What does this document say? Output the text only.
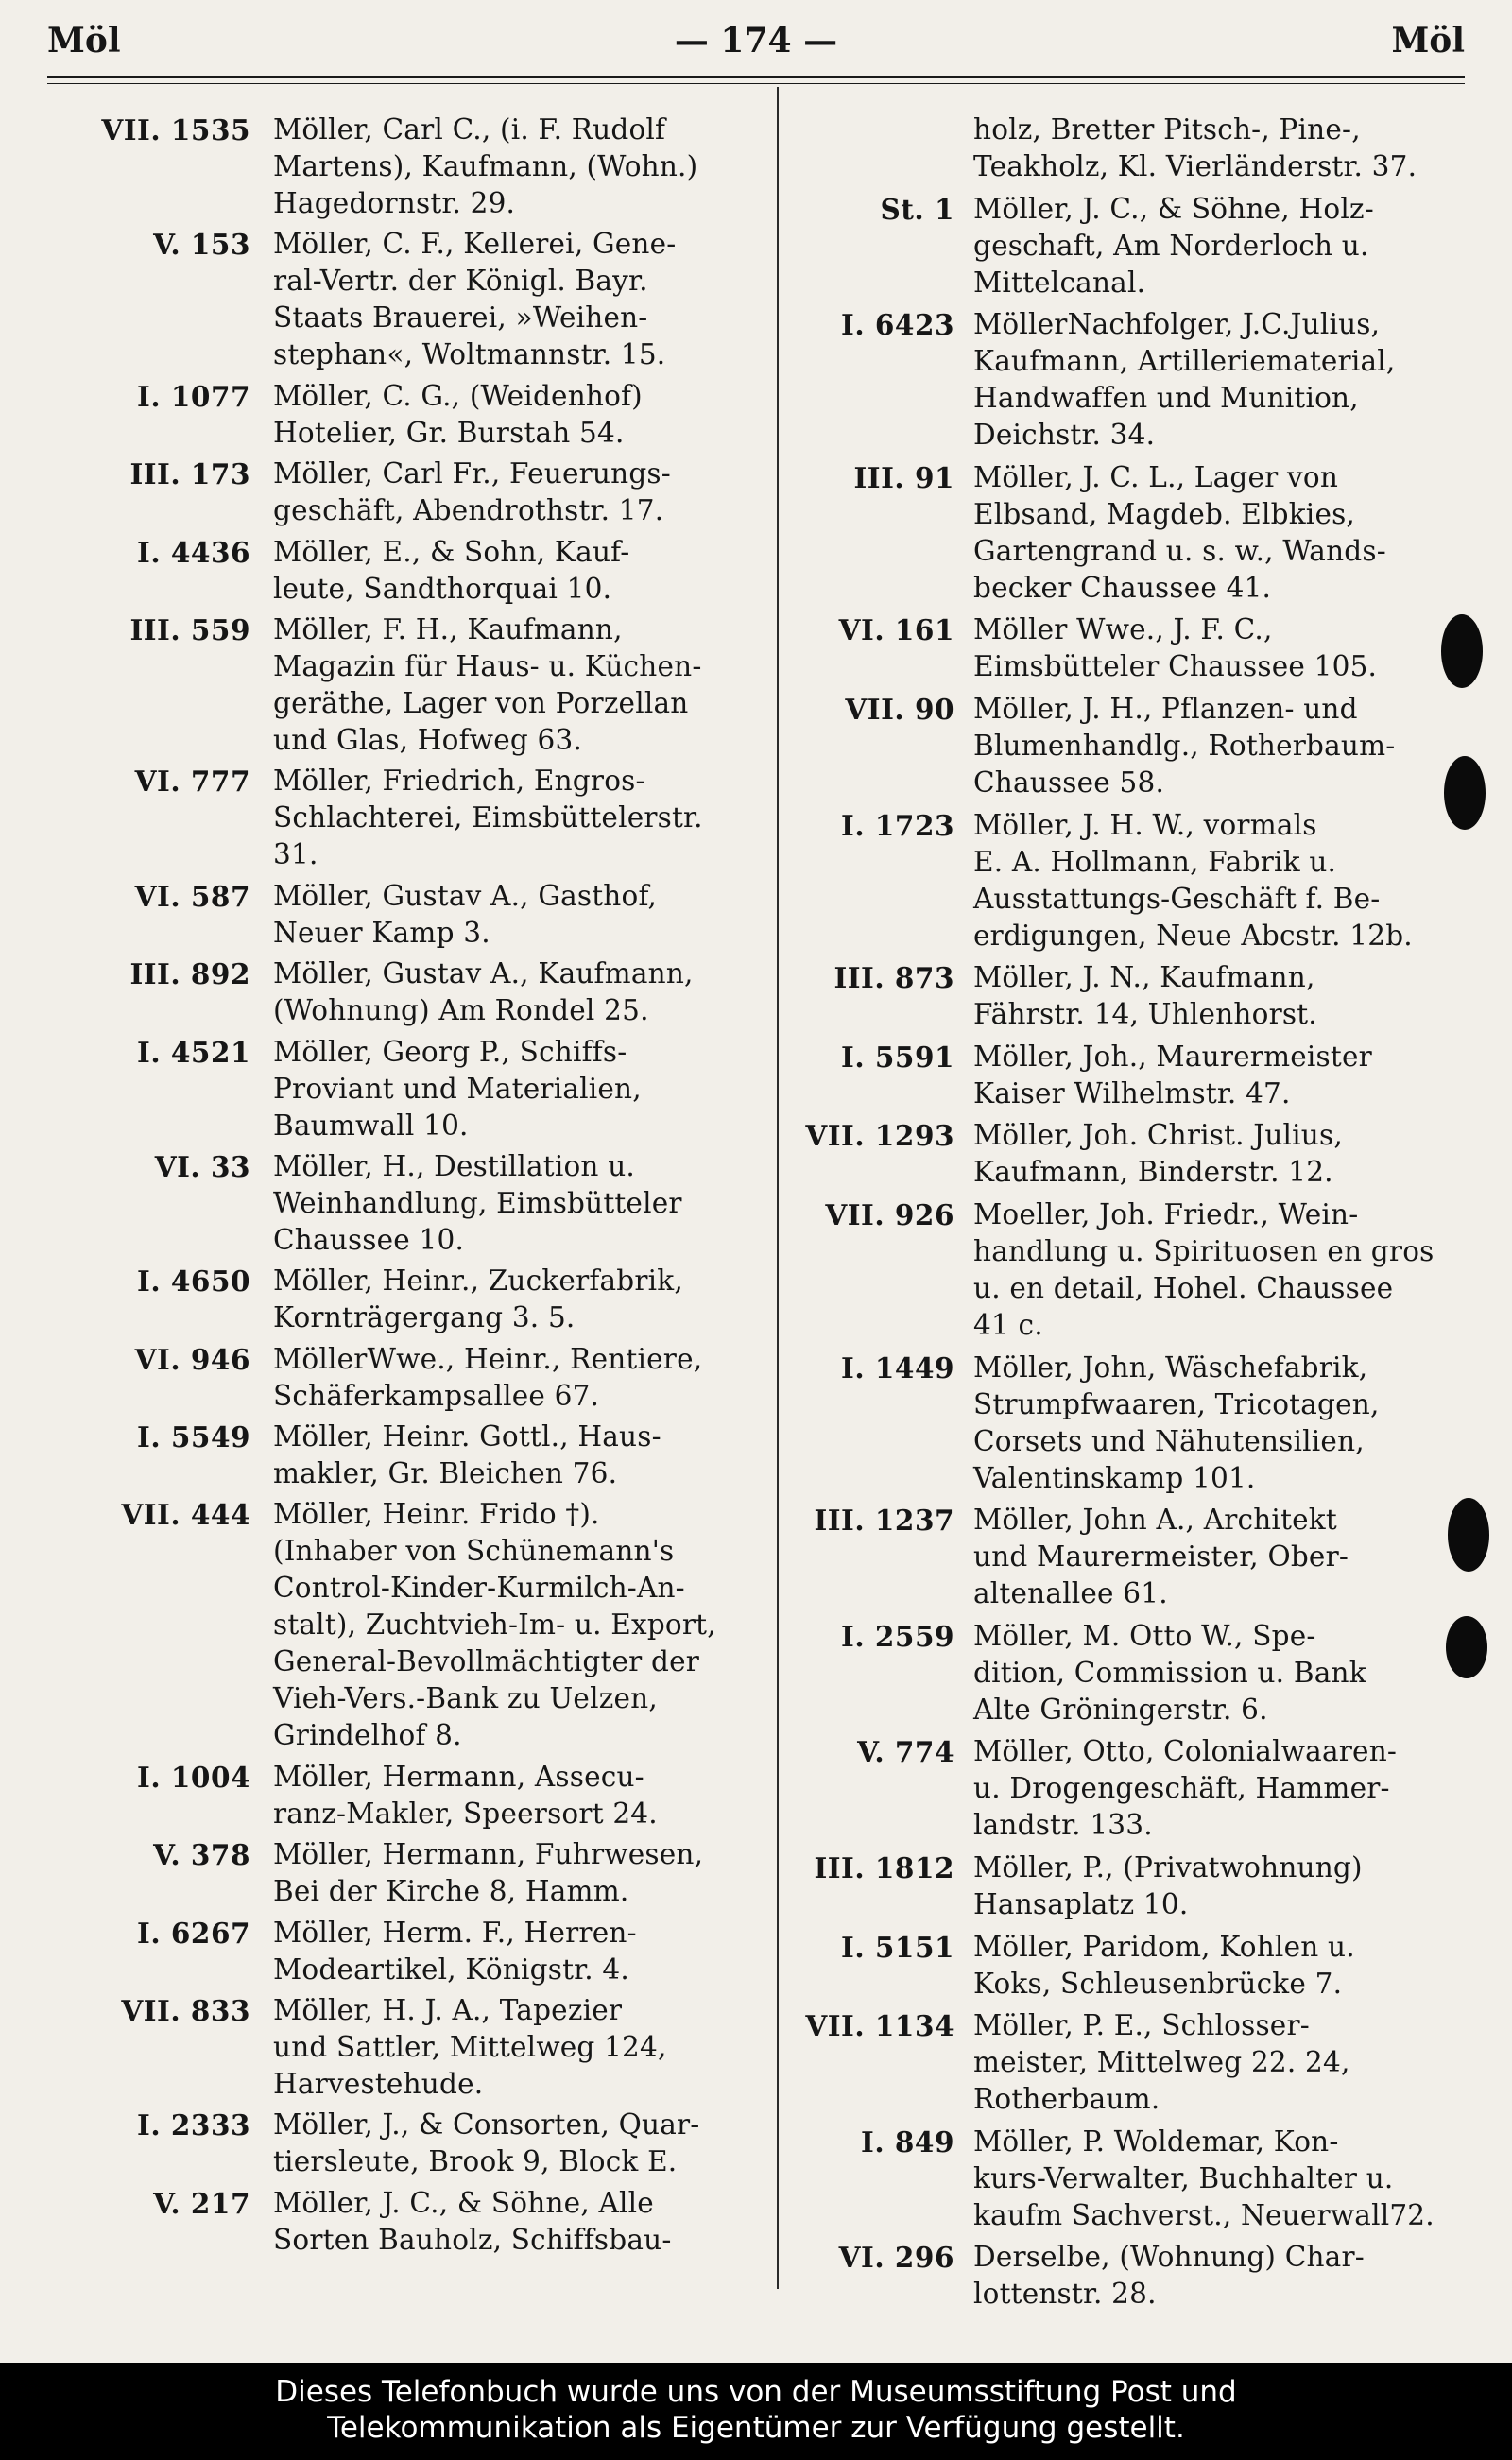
Möl	— 174 —	Möl
VII. 1535 Möller, Carl C., (i. F. Rudolf
Martens), Kaufmann, (Wohn.)
Hagedornstr. 29.
V. 153 Möller, C. F., Kellerei, Gene-
ral-Vertr. der Königl. Bayr.
Staats Brauerei, »Weihen-
stephan«, Woltmannstr. 15.
I. 1077 Möller, C. G., (Weidenhof)
Hotelier, Gr. Burstah 54.
III. 173 Möller, Carl Fr., Feuerungs-
geschäft, Abendrothstr. 17.
I. 4436 Möller, E., & Sohn, Kauf-
leute, Sandthorquai 10.
III. 559 Möller, F. H., Kaufmann,
Magazin für Haus- u. Küchen-
geräthe, Lager von Porzellan
und Glas, Hofweg 63.
VI. 777 Möller, Friedrich, Engros-
Schlachterei, Eimsbüttelerstr.
31.
VI. 587 Möller, Gustav A., Gasthof,
Neuer Kamp 3.
III. 892 Möller, Gustav A., Kaufmann,
(Wohnung) Am Rondel 25.
I. 4521 Möller, Georg P., Schiffs-
Proviant und Materialien,
Baumwall 10.
VI. 33 Möller, H., Destillation u.
Weinhandlung, Eimsbütteler
Chaussee 10.
I. 4650 Möller, Heinr., Zuckerfabrik,
Kornträgergang 3. 5.
VI. 946 MöllerWwe., Heinr., Rentiere,
Schäferkampsallee 67.
I. 5549 Möller, Heinr. Gottl., Haus-
makler, Gr. Bleichen 76.
VII. 444 Möller, Heinr. Frido †).
(Inhaber von Schünemann's
Control-Kinder-Kurmilch-An-
stalt), Zuchtvieh-Im- u. Export,
General-Bevollmächtigter der
Vieh-Vers.-Bank zu Uelzen,
Grindelhof 8.
I. 1004 Möller, Hermann, Assecu-
ranz-Makler, Speersort 24.
V. 378 Möller, Hermann, Fuhrwesen,
Bei der Kirche 8, Hamm.
I. 6267 Möller, Herm. F., Herren-
Modeartikel, Königstr. 4.
VII. 833 Möller, H. J. A., Tapezier
und Sattler, Mittelweg 124,
Harvestehude.
I. 2333 Möller, J., & Consorten, Quar-
tiersleute, Brook 9, Block E.
V. 217 Möller, J. C., & Söhne, Alle
Sorten Bauholz, Schiffsbau-
holz, Bretter Pitsch-, Pine-,
Teakholz, Kl. Vierländerstr. 37.
St. 1 Möller, J. C., & Söhne, Holz-
geschaft, Am Norderloch u.
Mittelcanal.
I. 6423 MöllerNachfolger, J.C.Julius,
Kaufmann, Artilleriematerial,
Handwaffen und Munition,
Deichstr. 34.
III. 91 Möller, J. C. L., Lager von
Elbsand, Magdeb. Elbkies,
Gartengrand u. s. w., Wands-
becker Chaussee 41.
VI. 161 Möller Wwe., J. F. C.,
Eimsbütteler Chaussee 105.
VII. 90 Möller, J. H., Pflanzen- und
Blumenhandlg., Rotherbaum-
Chaussee 58.
I. 1723 Möller, J. H. W., vormals
E. A. Hollmann, Fabrik u.
Ausstattungs-Geschäft f. Be-
erdigungen, Neue Abcstr. 12b.
III. 873 Möller, J. N., Kaufmann,
Fährstr. 14, Uhlenhorst.
I. 5591 Möller, Joh., Maurermeister
Kaiser Wilhelmstr. 47.
VII. 1293 Möller, Joh. Christ. Julius,
Kaufmann, Binderstr. 12.
VII. 926 Moeller, Joh. Friedr., Wein-
handlung u. Spirituosen en gros
u. en detail, Hohel. Chaussee
41 c.
I. 1449 Möller, John, Wäschefabrik,
Strumpfwaaren, Tricotagen,
Corsets und Nähutensilien,
Valentinskamp 101.
III. 1237 Möller, John A., Architekt
und Maurermeister, Ober-
altenallee 61.
I. 2559 Möller, M. Otto W., Spe-
dition, Commission u. Bank
Alte Gröningerstr. 6.
V. 774 Möller, Otto, Colonialwaaren-
u. Drogengeschäft, Hammer-
landstr. 133.
III. 1812 Möller, P., (Privatwohnung)
Hansaplatz 10.
I. 5151 Möller, Paridom, Kohlen u.
Koks, Schleusenbrücke 7.
VII. 1134 Möller, P. E., Schlosser-
meister, Mittelweg 22. 24,
Rotherbaum.
I. 849 Möller, P. Woldemar, Kon-
kurs-Verwalter, Buchhalter u.
kaufm Sachverst., Neuerwall72.
VI. 296 Derselbe, (Wohnung) Char-
lottenstr. 28.
Dieses Telefonbuch wurde uns von der Museumsstiftung Post und
Telekommunikation als Eigentümer zur Verfügung gestellt.
